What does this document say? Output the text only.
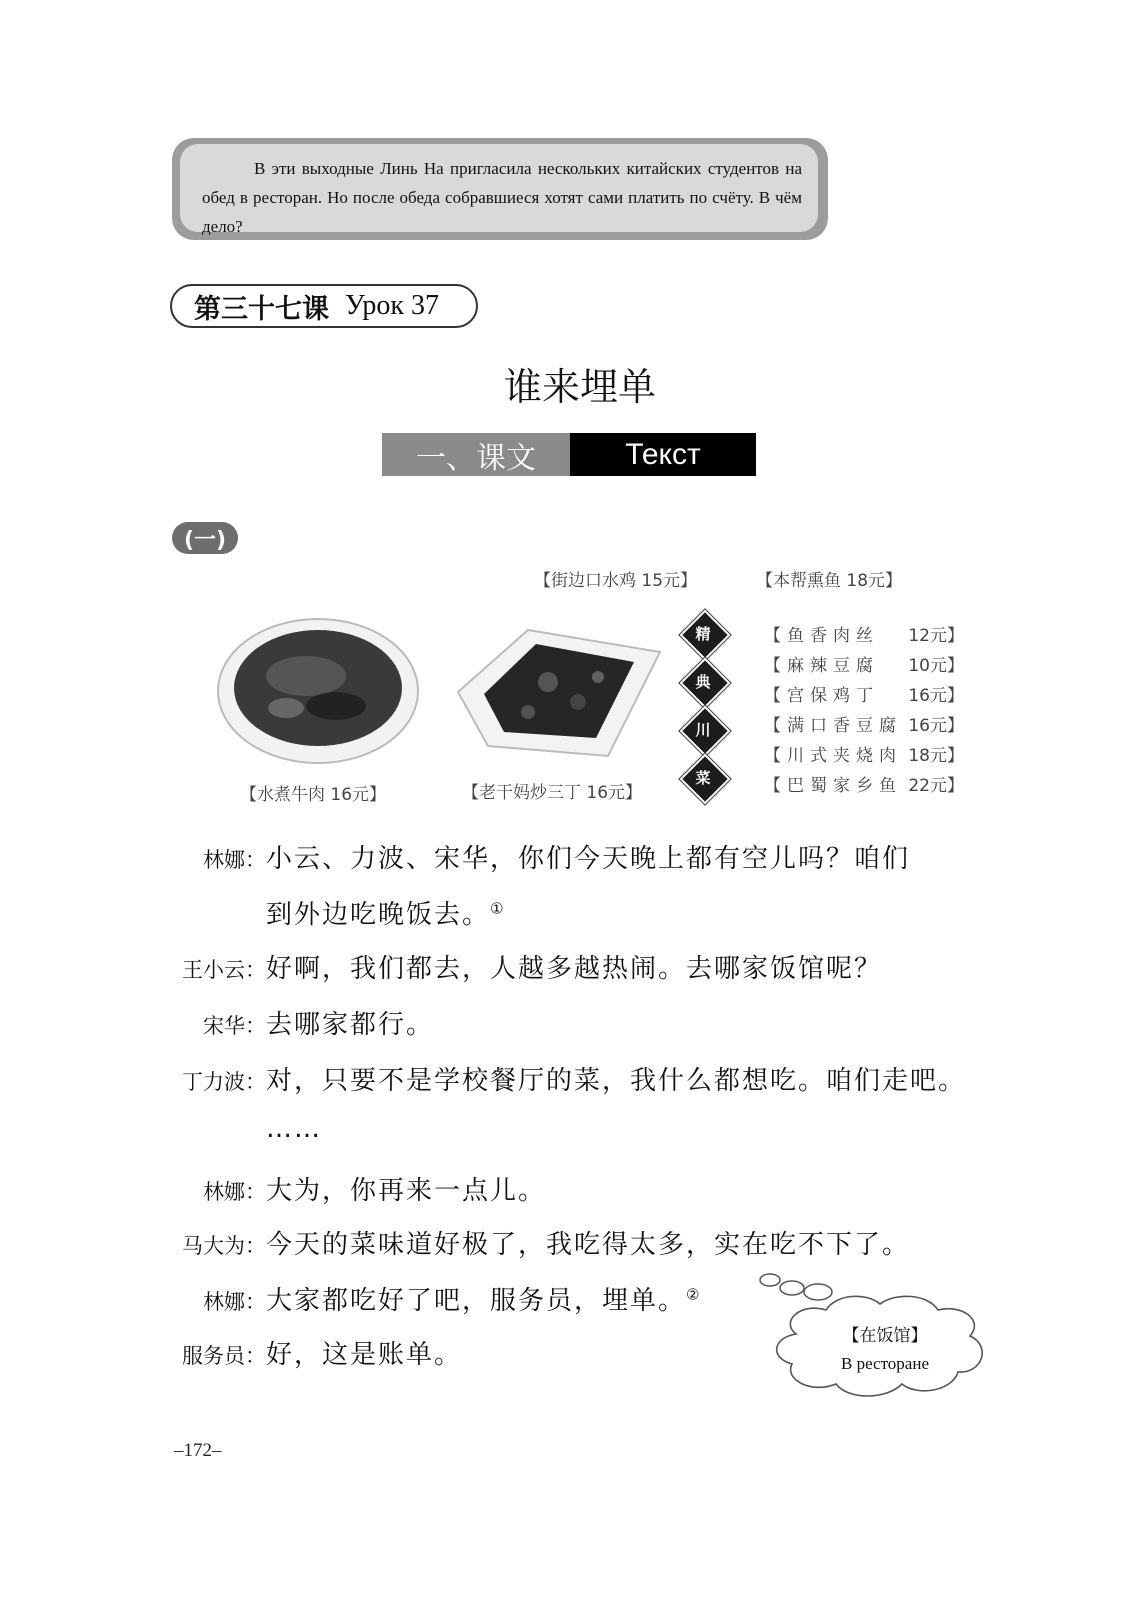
В эти выходные Линь На пригласила нескольких китайских студентов на обед в ресторан. Но после обеда собравшиеся хотят сами платить по счёту. В чём дело?
第三十七课 Урок 37
谁来埋单
一、课文	Текст
(一)
【街边口水鸡 15元】	【本帮熏鱼 18元】
精
典
川
菜
【鱼香肉丝 12元】
【麻辣豆腐 10元】
【宫保鸡丁 16元】
【满口香豆腐 16元】
【川式夹烧肉 18元】
【巴蜀家乡鱼 22元】
【水煮牛肉 16元】	【老干妈炒三丁 16元】
林娜： 小云、力波、宋华，你们今天晚上都有空儿吗？咱们
到外边吃晚饭去。①
王小云： 好啊，我们都去，人越多越热闹。去哪家饭馆呢？
宋华： 去哪家都行。
丁力波： 对，只要不是学校餐厅的菜，我什么都想吃。咱们走吧。
……
林娜： 大为，你再来一点儿。
马大为： 今天的菜味道好极了，我吃得太多，实在吃不下了。
林娜： 大家都吃好了吧，服务员，埋单。②
服务员： 好，这是账单。
【在饭馆】
В ресторане
–172–
